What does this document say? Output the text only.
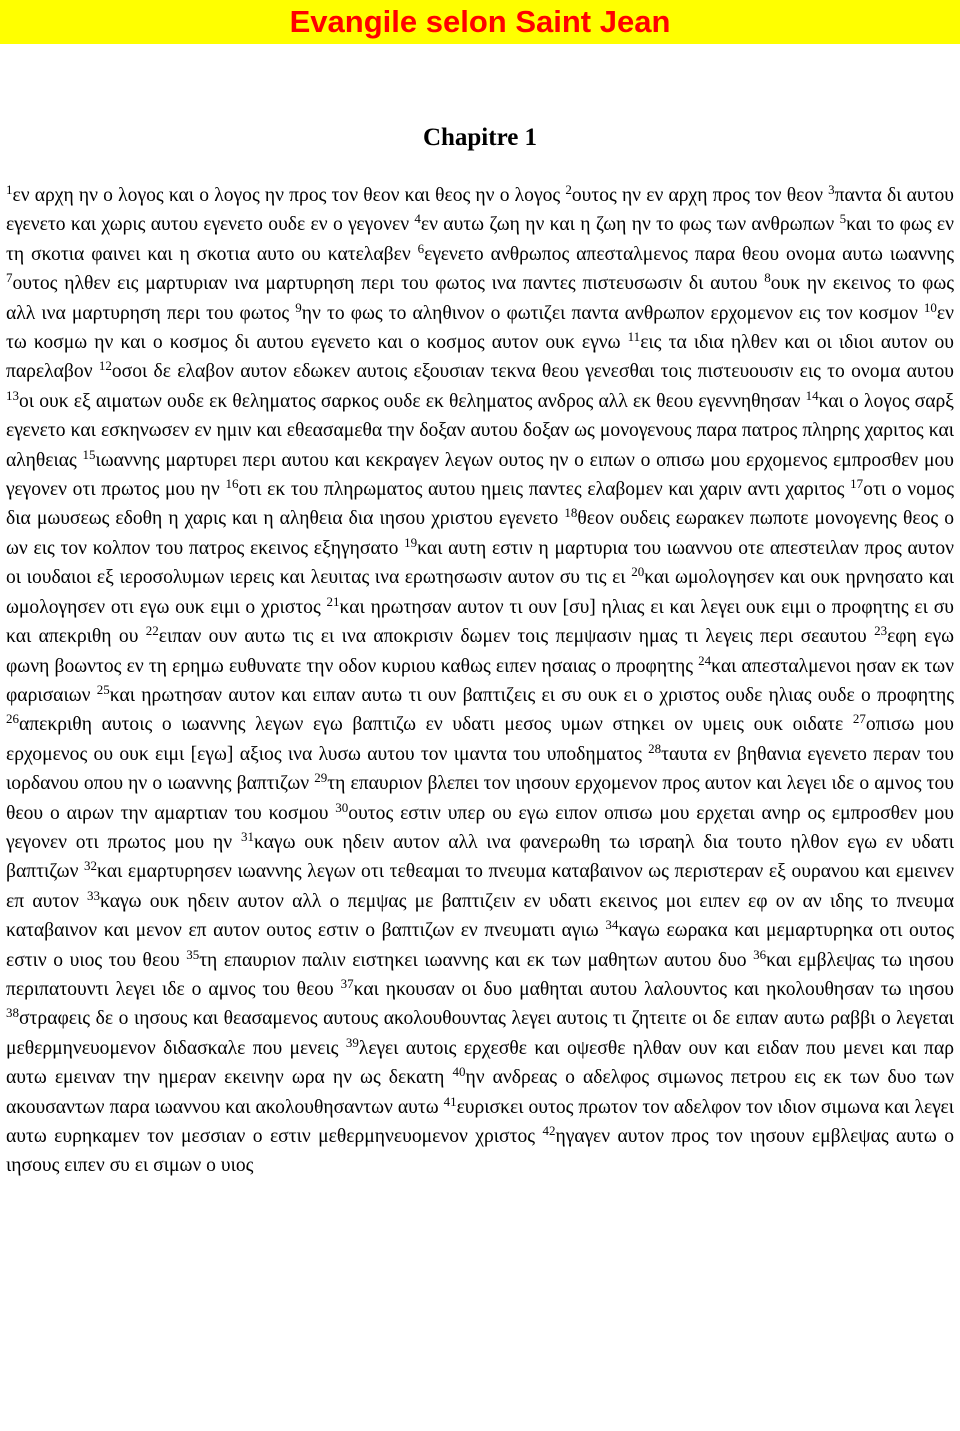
Evangile selon Saint Jean
Chapitre 1

$^1$εν αρχη ην ο λογος και ο λογος ην προς τον θεον και θεος ην ο λογος $^2$ουτος ην εν αρχη προς τον θεον $^3$παντα δι αυτου εγενετο και χωρις αυτου εγενετο ουδε εν ο γεγονεν $^4$εν αυτω ζωη ην και η ζωη ην το φως των ανθρωπων $^5$και το φως εν τη σκοτια φαινει και η σκοτια αυτο ου κατελαβεν $^6$εγενετο ανθρωπος απεσταλμενος παρα θεου ονομα αυτω ιωαννης $^7$ουτος ηλθεν εις μαρτυριαν ινα μαρτυρηση περι του φωτος ινα παντες πιστευσωσιν δι αυτου $^8$ουκ ην εκεινος το φως αλλ ινα μαρτυρηση περι του φωτος $^9$ην το φως το αληθινον ο φωτιζει παντα ανθρωπον ερχομενον εις τον κοσμον $^{10}$εν τω κοσμω ην και ο κοσμος δι αυτου εγενετο και ο κοσμος αυτον ουκ εγνω $^{11}$εις τα ιδια ηλθεν και οι ιδιοι αυτον ου παρελαβον $^{12}$οσοι δε ελαβον αυτον εδωκεν αυτοις εξουσιαν τεκνα θεου γενεσθαι τοις πιστευουσιν εις το ονομα αυτου $^{13}$οι ουκ εξ αιματων ουδε εκ θεληματος σαρκος ουδε εκ θεληματος ανδρος αλλ εκ θεου εγεννηθησαν $^{14}$και ο λογος σαρξ εγενετο και εσκηνωσεν εν ημιν και εθεασαμεθα την δοξαν αυτου δοξαν ως μονογενους παρα πατρος πληρης χαριτος και αληθειας $^{15}$ιωαννης μαρτυρει περι αυτου και κεκραγεν λεγων ουτος ην ο ειπων ο οπισω μου ερχομενος εμπροσθεν μου γεγονεν οτι πρωτος μου ην $^{16}$οτι εκ του πληρωματος αυτου ημεις παντες ελαβομεν και χαριν αντι χαριτος $^{17}$οτι ο νομος δια μωυσεως εδοθη η χαρις και η αληθεια δια ιησου χριστου εγενετο $^{18}$θεον ουδεις εωρακεν πωποτε μονογενης θεος ο ων εις τον κολπον του πατρος εκεινος εξηγησατο $^{19}$και αυτη εστιν η μαρτυρια του ιωαννου οτε απεστειλαν προς αυτον οι ιουδαιοι εξ ιεροσολυμων ιερεις και λευιτας ινα ερωτησωσιν αυτον συ τις ει $^{20}$και ωμολογησεν και ουκ ηρνησατο και ωμολογησεν οτι εγω ουκ ειμι ο χριστος $^{21}$και ηρωτησαν αυτον τι ουν [συ] ηλιας ει και λεγει ουκ ειμι ο προφητης ει συ και απεκριθη ου $^{22}$ειπαν ουν αυτω τις ει ινα αποκρισιν δωμεν τοις πεμψασιν ημας τι λεγεις περι σεαυτου $^{23}$εφη εγω φωνη βοωντος εν τη ερημω ευθυνατε την οδον κυριου καθως ειπεν ησαιας ο προφητης $^{24}$και απεσταλμενοι ησαν εκ των φαρισαιων $^{25}$και ηρωτησαν αυτον και ειπαν αυτω τι ουν βαπτιζεις ει συ ουκ ει ο χριστος ουδε ηλιας ουδε ο προφητης $^{26}$απεκριθη αυτοις ο ιωαννης λεγων εγω βαπτιζω εν υδατι μεσος υμων στηκει ον υμεις ουκ οιδατε $^{27}$οπισω μου ερχομενος ου ουκ ειμι [εγω] αξιος ινα λυσω αυτου τον ιμαντα του υποδηματος $^{28}$ταυτα εν βηθανια εγενετο περαν του ιορδανου οπου ην ο ιωαννης βαπτιζων $^{29}$τη επαυριον βλεπει τον ιησουν ερχομενον προς αυτον και λεγει ιδε ο αμνος του θεου ο αιρων την αμαρτιαν του κοσμου $^{30}$ουτος εστιν υπερ ου εγω ειπον οπισω μου ερχεται ανηρ ος εμπροσθεν μου γεγονεν οτι πρωτος μου ην $^{31}$καγω ουκ ηδειν αυτον αλλ ινα φανερωθη τω ισραηλ δια τουτο ηλθον εγω εν υδατι βαπτιζων $^{32}$και εμαρτυρησεν ιωαννης λεγων οτι τεθεαμαι το πνευμα καταβαινον ως περιστεραν εξ ουρανου και εμεινεν επ αυτον $^{33}$καγω ουκ ηδειν αυτον αλλ ο πεμψας με βαπτιζειν εν υδατι εκεινος μοι ειπεν εφ ον αν ιδης το πνευμα καταβαινον και μενον επ αυτον ουτος εστιν ο βαπτιζων εν πνευματι αγιω $^{34}$καγω εωρακα και μεμαρτυρηκα οτι ουτος εστιν ο υιος του θεου $^{35}$τη επαυριον παλιν ειστηκει ιωαννης και εκ των μαθητων αυτου δυο $^{36}$και εμβλεψας τω ιησου περιπατουντι λεγει ιδε ο αμνος του θεου $^{37}$και ηκουσαν οι δυο μαθηται αυτου λαλουντος και ηκολουθησαν τω ιησου $^{38}$στραφεις δε ο ιησους και θεασαμενος αυτους ακολουθουντας λεγει αυτοις τι ζητειτε οι δε ειπαν αυτω ραββι ο λεγεται μεθερμηνευομενον διδασκαλε που μενεις $^{39}$λεγει αυτοις ερχεσθε και οψεσθε ηλθαν ουν και ειδαν που μενει και παρ αυτω εμειναν την ημεραν εκεινην ωρα ην ως δεκατη $^{40}$ην ανδρεας ο αδελφος σιμωνος πετρου εις εκ των δυο των ακουσαντων παρα ιωαννου και ακολουθησαντων αυτω $^{41}$ευρισκει ουτος πρωτον τον αδελφον τον ιδιον σιμωνα και λεγει αυτω ευρηκαμεν τον μεσσιαν ο εστιν μεθερμηνευομενον χριστος $^{42}$ηγαγεν αυτον προς τον ιησουν εμβλεψας αυτω ο ιησους ειπεν συ ει σιμων ο υιος
